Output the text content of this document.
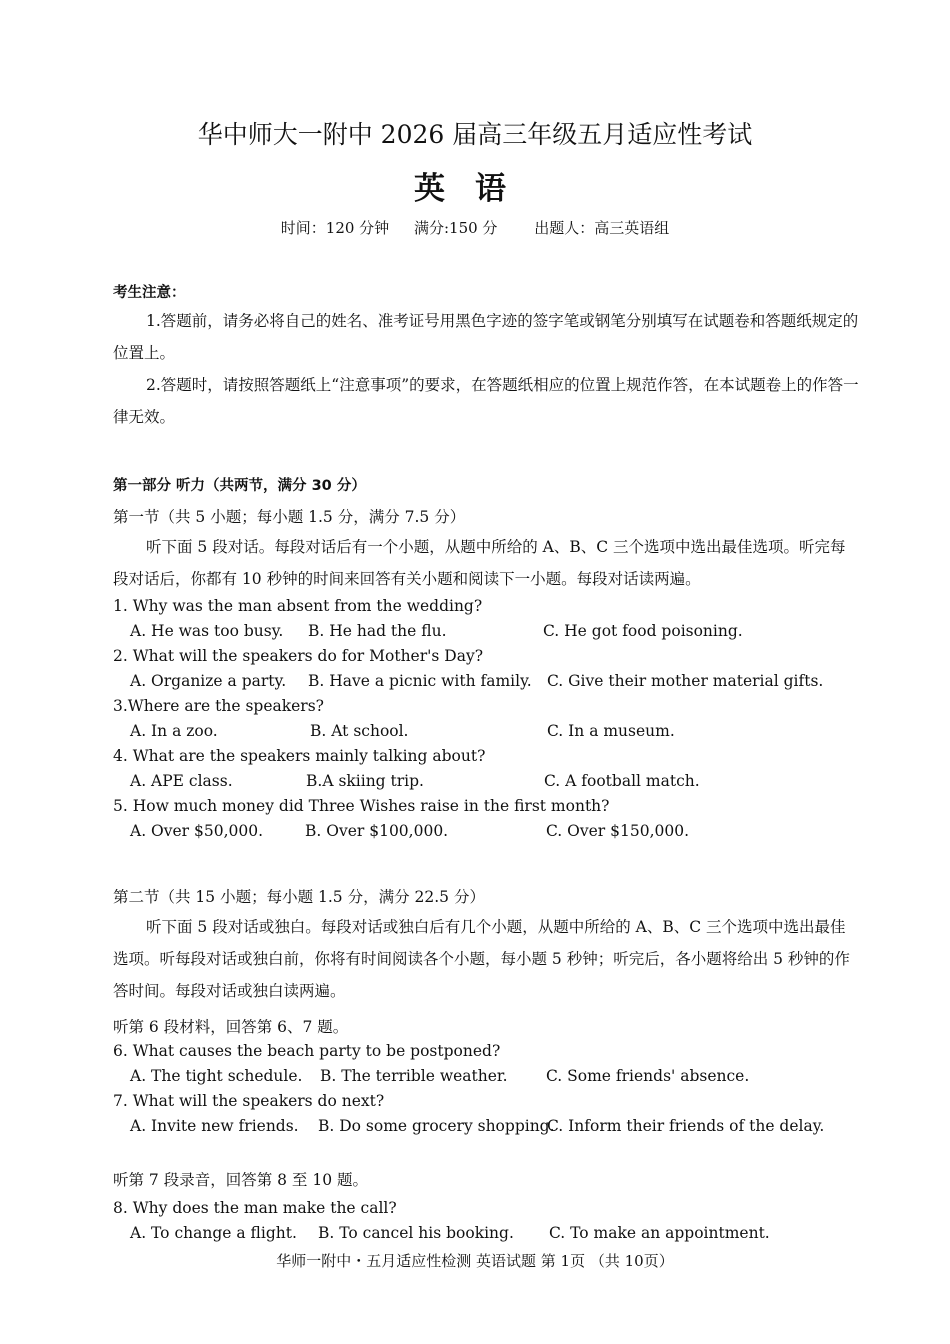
华中师大一附中 2026 届高三年级五月适应性考试
英语
时间：120 分钟 满分:150 分 出题人：高三英语组
考生注意：
1.答题前，请务必将自己的姓名、准考证号用黑色字迹的签字笔或钢笔分别填写在试题卷和答题纸规定的位置上。
2.答题时，请按照答题纸上“注意事项”的要求，在答题纸相应的位置上规范作答，在本试题卷上的作答一律无效。
第一部分 听力（共两节，满分 30 分）
第一节（共 5 小题；每小题 1.5 分，满分 7.5 分）
听下面 5 段对话。每段对话后有一个小题，从题中所给的 A、B、C 三个选项中选出最佳选项。听完每段对话后，你都有 10 秒钟的时间来回答有关小题和阅读下一小题。每段对话读两遍。
1. Why was the man absent from the wedding?
A. He was too busy. B. He had the flu.	C. He got food poisoning.
2. What will the speakers do for Mother's Day?
A. Organize a party. B. Have a picnic with family. C. Give their mother material gifts.
3.Where are the speakers?
A. In a zoo.	B. At school.	C. In a museum.
4. What are the speakers mainly talking about?
A. APE class.	B.A skiing trip.	C. A football match.
5. How much money did Three Wishes raise in the first month?
A. Over $50,000.	B. Over $100,000.	C. Over $150,000.
第二节（共 15 小题；每小题 1.5 分，满分 22.5 分）
听下面 5 段对话或独白。每段对话或独白后有几个小题，从题中所给的 A、B、C 三个选项中选出最佳选项。听每段对话或独白前，你将有时间阅读各个小题，每小题 5 秒钟；听完后，各小题将给出 5 秒钟的作答时间。每段对话或独白读两遍。
听第 6 段材料，回答第 6、7 题。
6. What causes the beach party to be postponed?
A. The tight schedule. B. The terrible weather. C. Some friends' absence.
7. What will the speakers do next?
A. Invite new friends. B. Do some grocery shopping.
C. Inform their friends of the delay.
听第 7 段录音，回答第 8 至 10 题。
8. Why does the man make the call?
A. To change a flight. B. To cancel his booking. C. To make an appointment.
华师一附中・五月适应性检测 英语试题 第 1页 （共 10页）
